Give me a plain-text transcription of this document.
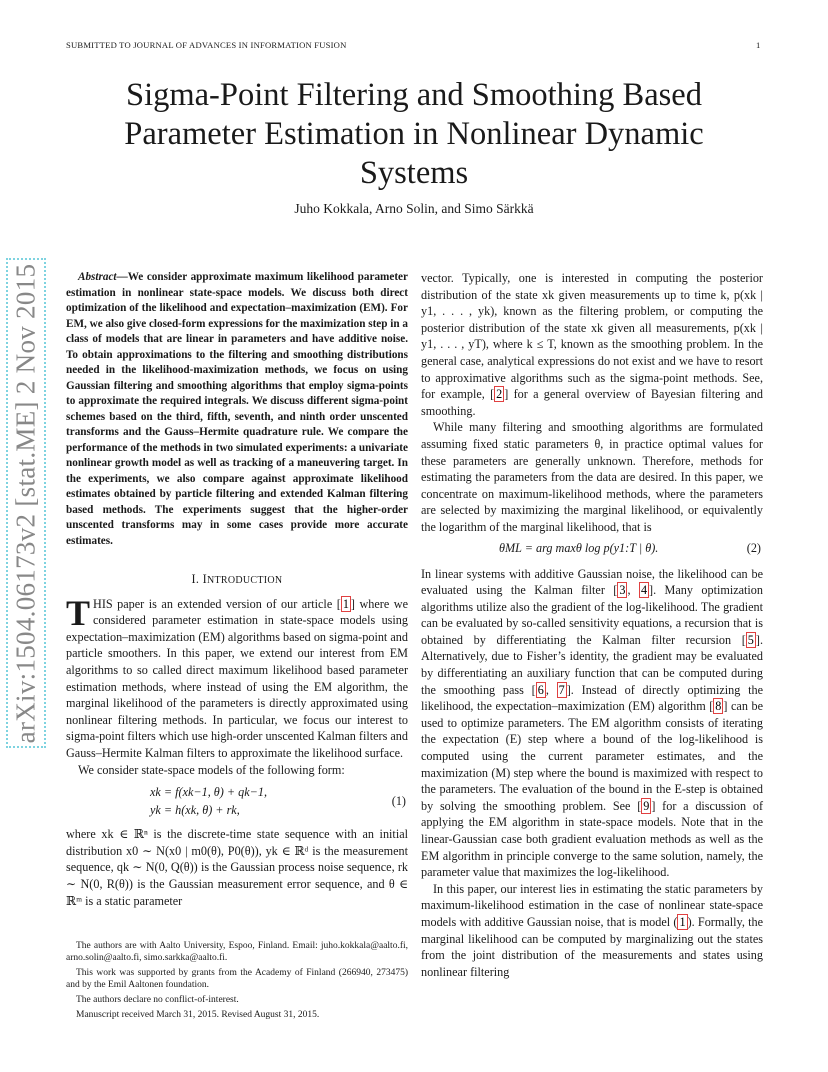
SUBMITTED TO JOURNAL OF ADVANCES IN INFORMATION FUSION	1
Sigma-Point Filtering and Smoothing Based
Parameter Estimation in Nonlinear Dynamic
Systems
Juho Kokkala, Arno Solin, and Simo Särkkä
arXiv:1504.06173v2 [stat.ME] 2 Nov 2015	Abstract—We consider approximate maximum likelihood parameter estimation in nonlinear state-space models. We discuss both direct optimization of the likelihood and expectation–maximization (EM). For EM, we also give closed-form expressions for the maximization step in a class of models that are linear in parameters and have additive noise. To obtain approximations to the filtering and smoothing distributions needed in the likelihood-maximization methods, we focus on using Gaussian filtering and smoothing algorithms that employ sigma-points to approximate the required integrals. We discuss different sigma-point schemes based on the third, fifth, seventh, and ninth order unscented transforms and the Gauss–Hermite quadrature rule. We compare the performance of the methods in two simulated experiments: a univariate nonlinear growth model as well as tracking of a maneuvering target. In the experiments, we also compare against approximate likelihood estimates obtained by particle filtering and extended Kalman filtering based methods. The experiments suggest that the higher-order unscented transforms may in some cases provide more accurate estimates.

I. INTRODUCTION

THIS paper is an extended version of our article [ 1 ] where we considered parameter estimation in state-space models using expectation–maximization (EM) algorithms based on sigma-point and particle smoothers. In this paper, we extend our interest from EM algorithms to so called direct maximum likelihood based parameter estimation methods, where instead of using the EM algorithm, the marginal likelihood of the parameters is directly approximated using nonlinear filtering methods. In particular, we focus our interest to sigma-point filters which use high-order unscented Kalman filters and Gauss–Hermite Kalman filters to approximate the likelihood surface.

We consider state-space models of the following form:

xk = f(xk−1, θ) + qk−1,
yk = h(xk, θ) + rk,
(1)

where xk ∈ ℝⁿ is the discrete-time state sequence with an initial distribution x0 ∼ N(x0 | m0(θ), P0(θ)), yk ∈ ℝᵈ is the measurement sequence, qk ∼ N(0, Q(θ)) is the Gaussian process noise sequence, rk ∼ N(0, R(θ)) is the Gaussian measurement error sequence, and θ ∈ ℝᵐ is a static parameter

The authors are with Aalto University, Espoo, Finland. Email: juho.kokkala@aalto.fi, arno.solin@aalto.fi, simo.sarkka@aalto.fi.

This work was supported by grants from the Academy of Finland (266940, 273475) and by the Emil Aaltonen foundation.

The authors declare no conflict-of-interest.

Manuscript received March 31, 2015. Revised August 31, 2015.

vector. Typically, one is interested in computing the posterior distribution of the state xk given measurements up to time k, p(xk | y1, . . . , yk), known as the filtering problem, or computing the posterior distribution of the state xk given all measurements, p(xk | y1, . . . , yT), where k ≤ T, known as the smoothing problem. In the general case, analytical expressions do not exist and we have to resort to approximative algorithms such as the sigma-point methods. See, for example, [ 2 ] for a general overview of Bayesian filtering and smoothing.

While many filtering and smoothing algorithms are formulated assuming fixed static parameters θ, in practice optimal values for these parameters are generally unknown. Therefore, methods for estimating the parameters from the data are desired. In this paper, we concentrate on maximum-likelihood methods, where the parameters are selected by maximizing the marginal likelihood, or equivalently the logarithm of the marginal likelihood, that is

θML = arg maxθ log p(y1:T | θ).	(2)

In linear systems with additive Gaussian noise, the likelihood can be evaluated using the Kalman filter [ 3 , 4 ]. Many optimization algorithms utilize also the gradient of the log-likelihood. The gradient can be evaluated by so-called sensitivity equations, a recursion that is obtained by differentiating the Kalman filter recursion [ 5 ]. Alternatively, due to Fisher’s identity, the gradient may be evaluated by differentiating an auxiliary function that can be computed during the smoothing pass [ 6 , 7 ]. Instead of directly optimizing the likelihood, the expectation–maximization (EM) algorithm [ 8 ] can be used to optimize parameters. The EM algorithm consists of iterating the expectation (E) step where a bound of the log-likelihood is computed using the current parameter estimates, and the maximization (M) step where the bound is maximized with respect to the parameters. The evaluation of the bound in the E-step is obtained by solving the smoothing problem. See [ 9 ] for a discussion of applying the EM algorithm in state-space models. Note that in the linear-Gaussian case both gradient evaluation methods as well as the EM algorithm in principle converge to the same solution, namely, the parameter value that maximizes the log-likelihood.

In this paper, our interest lies in estimating the static parameters by maximum-likelihood estimation in the case of nonlinear state-space models with additive Gaussian noise, that is model ( 1 ). Formally, the marginal likelihood can be computed by marginalizing out the states from the joint distribution of the measurements and states using nonlinear filtering
